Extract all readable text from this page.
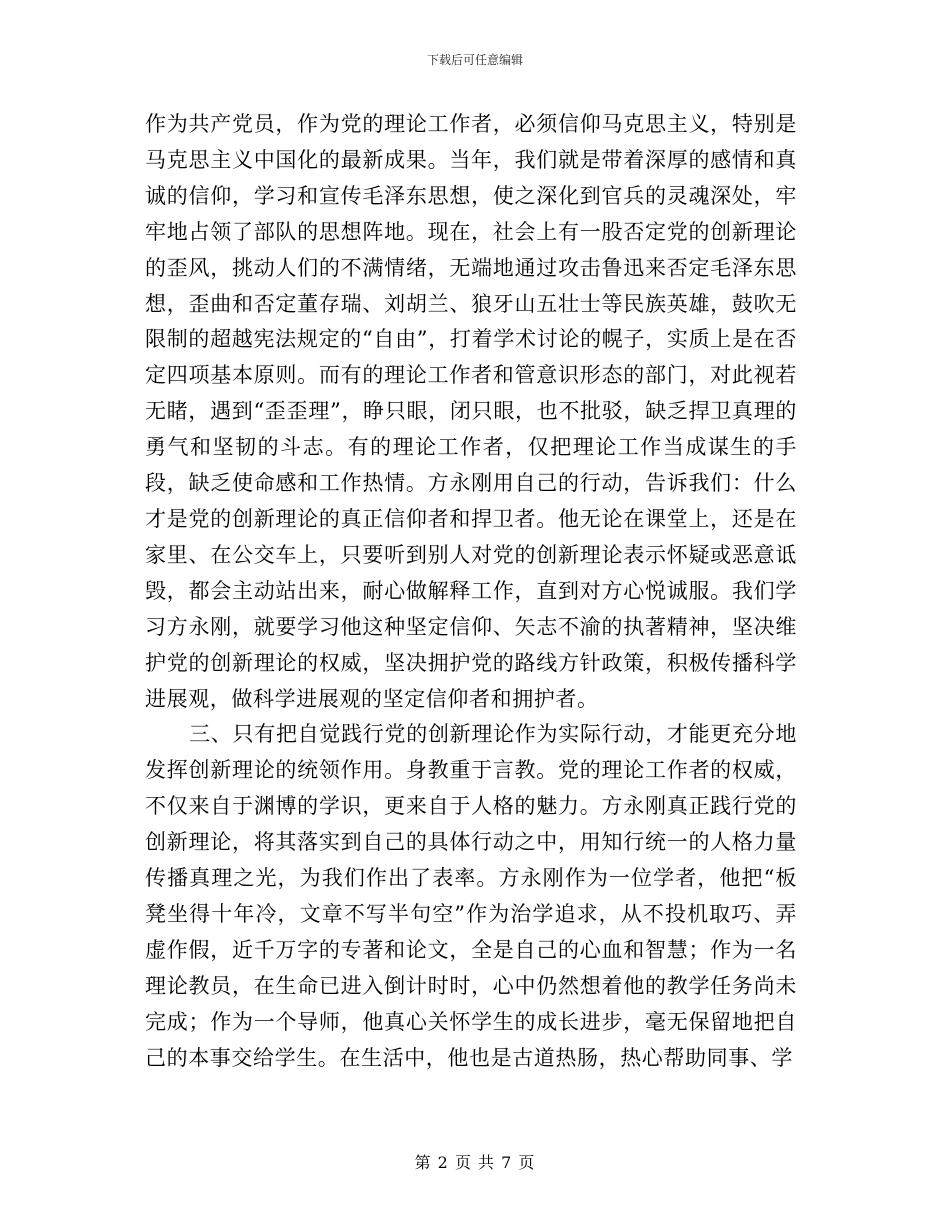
下载后可任意编辑

作为共产党员，作为党的理论工作者，必须信仰马克思主义，特别是马克思主义中国化的最新成果。当年，我们就是带着深厚的感情和真诚的信仰，学习和宣传毛泽东思想，使之深化到官兵的灵魂深处，牢牢地占领了部队的思想阵地。现在，社会上有一股否定党的创新理论的歪风，挑动人们的不满情绪，无端地通过攻击鲁迅来否定毛泽东思想，歪曲和否定董存瑞、刘胡兰、狼牙山五壮士等民族英雄，鼓吹无限制的超越宪法规定的“自由”，打着学术讨论的幌子，实质上是在否定四项基本原则。而有的理论工作者和管意识形态的部门，对此视若无睹，遇到“歪歪理”，睁只眼，闭只眼，也不批驳，缺乏捍卫真理的勇气和坚韧的斗志。有的理论工作者，仅把理论工作当成谋生的手段，缺乏使命感和工作热情。方永刚用自己的行动，告诉我们：什么才是党的创新理论的真正信仰者和捍卫者。他无论在课堂上，还是在家里、在公交车上，只要听到别人对党的创新理论表示怀疑或恶意诋毁，都会主动站出来，耐心做解释工作，直到对方心悦诚服。我们学习方永刚，就要学习他这种坚定信仰、矢志不渝的执著精神，坚决维护党的创新理论的权威，坚决拥护党的路线方针政策，积极传播科学进展观，做科学进展观的坚定信仰者和拥护者。

三、只有把自觉践行党的创新理论作为实际行动，才能更充分地发挥创新理论的统领作用。身教重于言教。党的理论工作者的权威，不仅来自于渊博的学识，更来自于人格的魅力。方永刚真正践行党的创新理论，将其落实到自己的具体行动之中，用知行统一的人格力量传播真理之光，为我们作出了表率。方永刚作为一位学者，他把“板凳坐得十年冷，文章不写半句空”作为治学追求，从不投机取巧、弄虚作假，近千万字的专著和论文，全是自己的心血和智慧；作为一名理论教员，在生命已进入倒计时时，心中仍然想着他的教学任务尚未完成；作为一个导师，他真心关怀学生的成长进步，毫无保留地把自己的本事交给学生。在生活中，他也是古道热肠，热心帮助同事、学

第 2 页 共 7 页
